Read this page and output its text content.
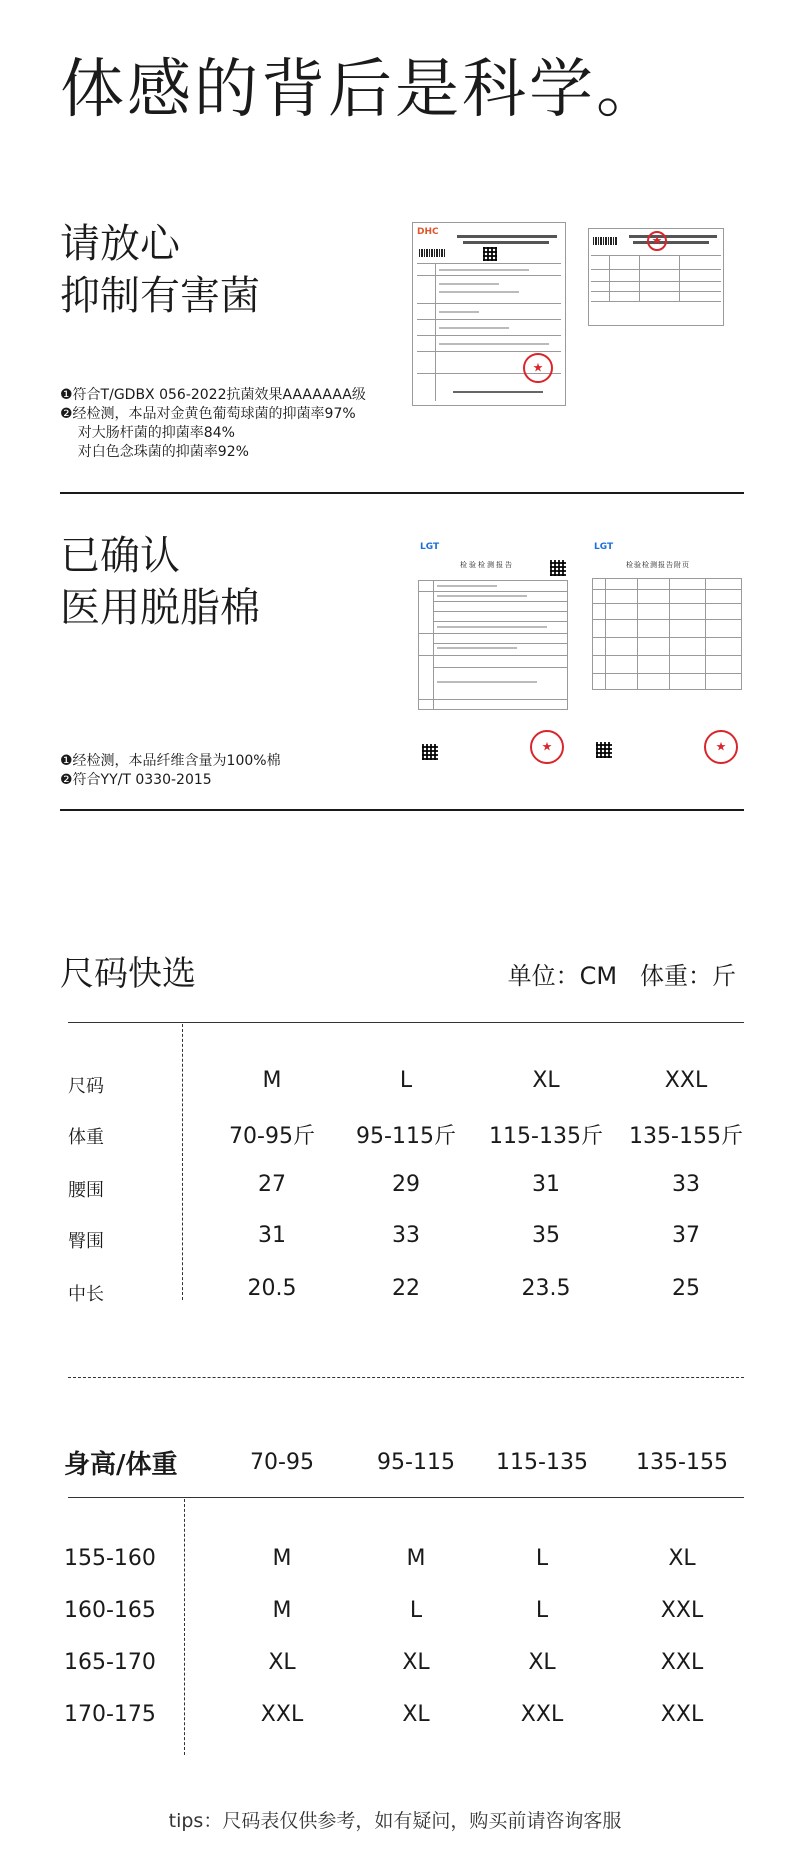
体感的背后是科学。
请放心
抑制有害菌
DHC
★
★
❶符合T/GDBX 056-2022抗菌效果AAAAAAA级
❷经检测，本品对金黄色葡萄球菌的抑菌率97%
对大肠杆菌的抑菌率84%
对白色念珠菌的抑菌率92%
已确认
医用脱脂棉
LGT
检验检测报告
★
LGT
检验检测报告附页
★
❶经检测，本品纤维含量为100%棉
❷符合YY/T 0330-2015
尺码快选	单位：CM   体重：斤
尺码	M	L	XL	XXL
体重	70-95斤	95-115斤	115-135斤	135-155斤
腰围	27	29	31	33
臀围	31	33	35	37
中长	20.5	22	23.5	25
身高/体重	70-95	95-115	115-135	135-155
155-160	M	M	L	XL
160-165	M	L	L	XXL
165-170	XL	XL	XL	XXL
170-175	XXL	XL	XXL	XXL
tips：尺码表仅供参考，如有疑问，购买前请咨询客服
